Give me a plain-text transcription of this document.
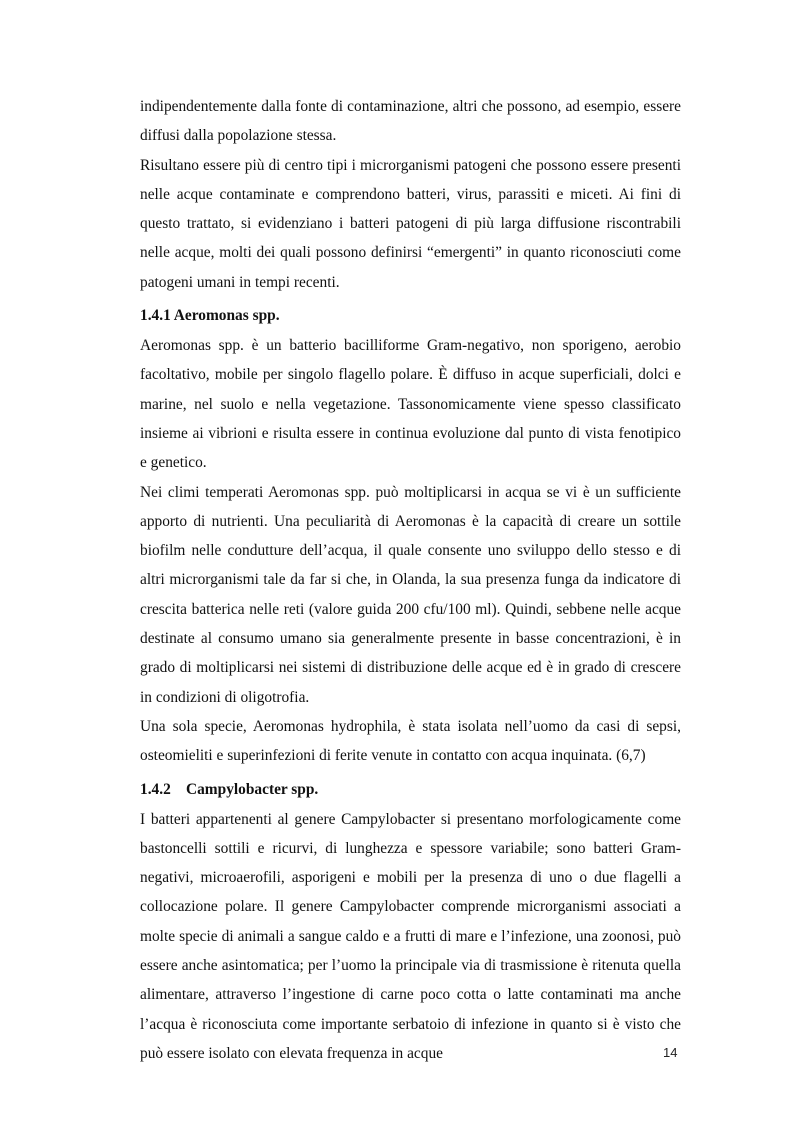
indipendentemente dalla fonte di contaminazione, altri che possono, ad esempio, essere diffusi dalla popolazione stessa.

Risultano essere più di centro tipi i microrganismi patogeni che possono essere presenti nelle acque contaminate e comprendono batteri, virus, parassiti e miceti. Ai fini di questo trattato, si evidenziano i batteri patogeni di più larga diffusione riscontrabili nelle acque, molti dei quali possono definirsi “emergenti” in quanto riconosciuti come patogeni umani in tempi recenti.

1.4.1 Aeromonas spp.

Aeromonas spp. è un batterio bacilliforme Gram-negativo, non sporigeno, aerobio facoltativo, mobile per singolo flagello polare. È diffuso in acque superficiali, dolci e marine, nel suolo e nella vegetazione. Tassonomicamente viene spesso classificato insieme ai vibrioni e risulta essere in continua evoluzione dal punto di vista fenotipico e genetico.

Nei climi temperati Aeromonas spp. può moltiplicarsi in acqua se vi è un sufficiente apporto di nutrienti. Una peculiarità di Aeromonas è la capacità di creare un sottile biofilm nelle condutture dell’acqua, il quale consente uno sviluppo dello stesso e di altri microrganismi tale da far si che, in Olanda, la sua presenza funga da indicatore di crescita batterica nelle reti (valore guida 200 cfu/100 ml). Quindi, sebbene nelle acque destinate al consumo umano sia generalmente presente in basse concentrazioni, è in grado di moltiplicarsi nei sistemi di distribuzione delle acque ed è in grado di crescere in condizioni di oligotrofia.

Una sola specie, Aeromonas hydrophila, è stata isolata nell’uomo da casi di sepsi, osteomieliti e superinfezioni di ferite venute in contatto con acqua inquinata. (6,7)

1.4.2 Campylobacter spp.

I batteri appartenenti al genere Campylobacter si presentano morfologicamente come bastoncelli sottili e ricurvi, di lunghezza e spessore variabile; sono batteri Gram-negativi, microaerofili, asporigeni e mobili per la presenza di uno o due flagelli a collocazione polare. Il genere Campylobacter comprende microrganismi associati a molte specie di animali a sangue caldo e a frutti di mare e l’infezione, una zoonosi, può essere anche asintomatica; per l’uomo la principale via di trasmissione è ritenuta quella alimentare, attraverso l’ingestione di carne poco cotta o latte contaminati ma anche l’acqua è riconosciuta come importante serbatoio di infezione in quanto si è visto che può essere isolato con elevata frequenza in acque	14
